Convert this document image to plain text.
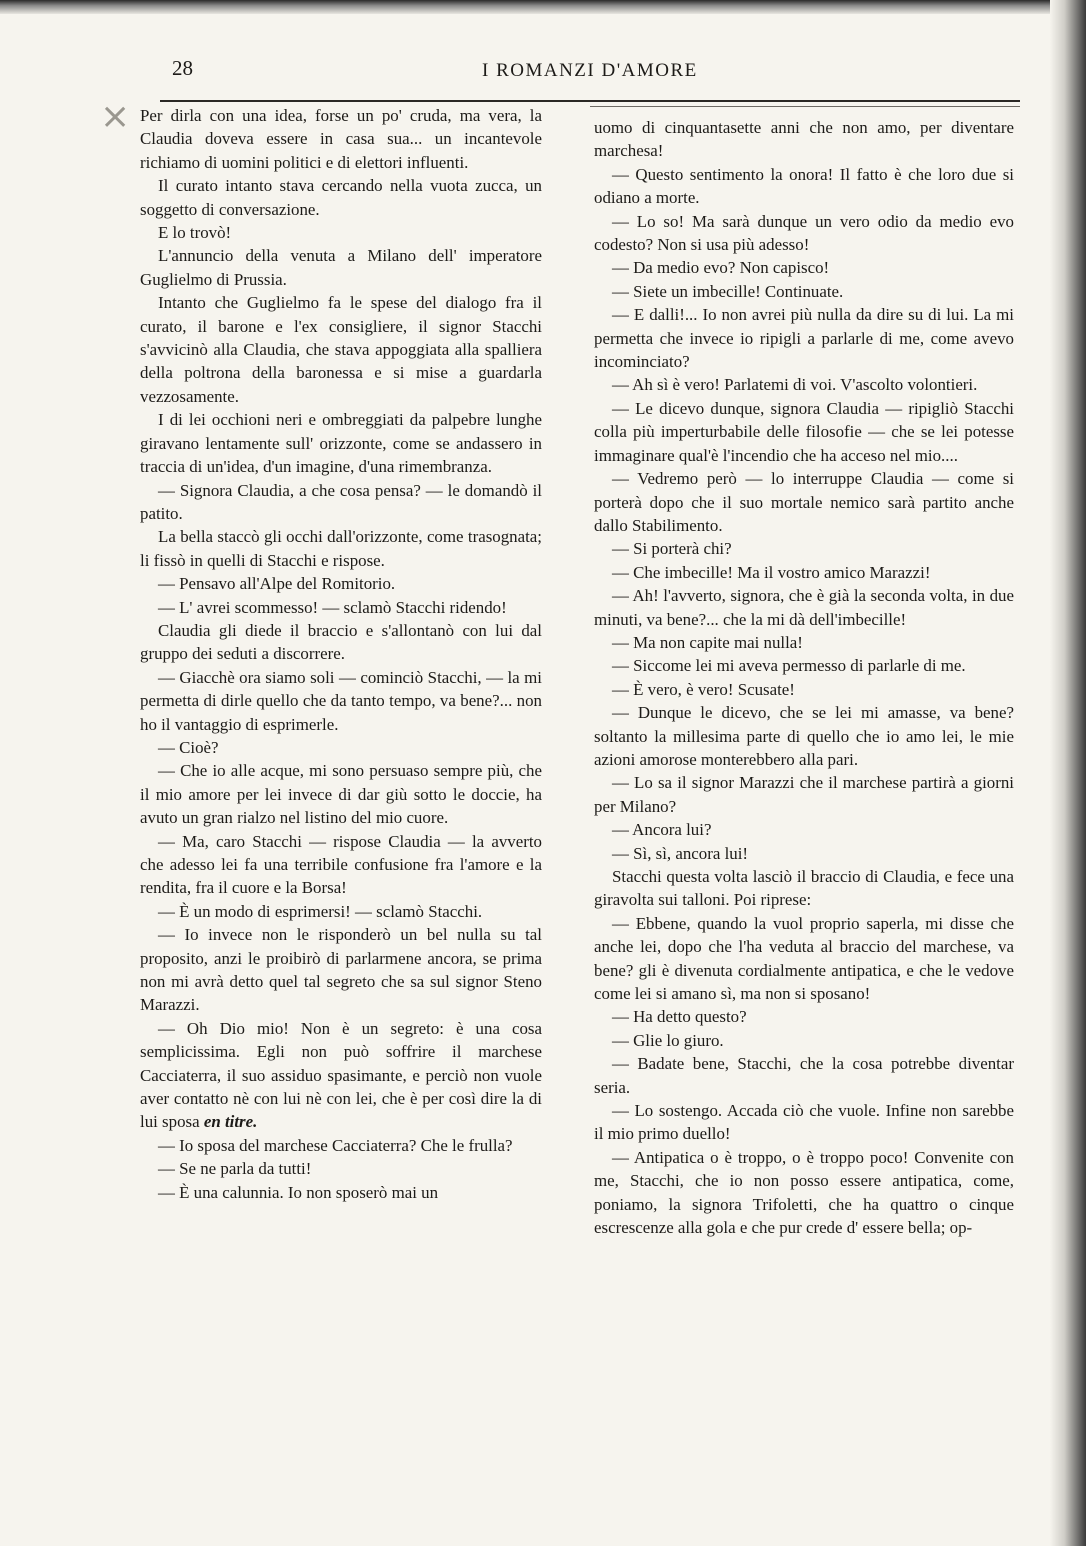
28	I ROMANZI D'AMORE
× Per dirla con una idea, forse un po' cruda, ma vera, la Claudia doveva essere in casa sua... un incantevole richiamo di uomini politici e di elettori influenti.

Il curato intanto stava cercando nella vuota zucca, un soggetto di conversazione.

E lo trovò!

L'annuncio della venuta a Milano dell' imperatore Guglielmo di Prussia.

Intanto che Guglielmo fa le spese del dialogo fra il curato, il barone e l'ex consigliere, il signor Stacchi s'avvicinò alla Claudia, che stava appoggiata alla spalliera della poltrona della baronessa e si mise a guardarla vezzosamente.

I di lei occhioni neri e ombreggiati da palpebre lunghe giravano lentamente sull' orizzonte, come se andassero in traccia di un'idea, d'un imagine, d'una rimembranza.

— Signora Claudia, a che cosa pensa? — le domandò il patito.

La bella staccò gli occhi dall'orizzonte, come trasognata; li fissò in quelli di Stacchi e rispose.

— Pensavo all'Alpe del Romitorio.

— L' avrei scommesso! — sclamò Stacchi ridendo!

Claudia gli diede il braccio e s'allontanò con lui dal gruppo dei seduti a discorrere.

— Giacchè ora siamo soli — cominciò Stacchi, — la mi permetta di dirle quello che da tanto tempo, va bene?... non ho il vantaggio di esprimerle.

— Cioè?

— Che io alle acque, mi sono persuaso sempre più, che il mio amore per lei invece di dar giù sotto le doccie, ha avuto un gran rialzo nel listino del mio cuore.

— Ma, caro Stacchi — rispose Claudia — la avverto che adesso lei fa una terribile confusione fra l'amore e la rendita, fra il cuore e la Borsa!

— È un modo di esprimersi! — sclamò Stacchi.

— Io invece non le risponderò un bel nulla su tal proposito, anzi le proibirò di parlarmene ancora, se prima non mi avrà detto quel tal segreto che sa sul signor Steno Marazzi.

— Oh Dio mio! Non è un segreto: è una cosa semplicissima. Egli non può soffrire il marchese Cacciaterra, il suo assiduo spasimante, e perciò non vuole aver contatto nè con lui nè con lei, che è per così dire la di lui sposa en titre.

— Io sposa del marchese Cacciaterra? Che le frulla?

— Se ne parla da tutti!

— È una calunnia. Io non sposerò mai un

uomo di cinquantasette anni che non amo, per diventare marchesa!

— Questo sentimento la onora! Il fatto è che loro due si odiano a morte.

— Lo so! Ma sarà dunque un vero odio da medio evo codesto? Non si usa più adesso!

— Da medio evo? Non capisco!

— Siete un imbecille! Continuate.

— E dalli!... Io non avrei più nulla da dire su di lui. La mi permetta che invece io ripigli a parlarle di me, come avevo incominciato?

— Ah sì è vero! Parlatemi di voi. V'ascolto volontieri.

— Le dicevo dunque, signora Claudia — ripigliò Stacchi colla più imperturbabile delle filosofie — che se lei potesse immaginare qual'è l'incendio che ha acceso nel mio....

— Vedremo però — lo interruppe Claudia — come si porterà dopo che il suo mortale nemico sarà partito anche dallo Stabilimento.

— Si porterà chi?

— Che imbecille! Ma il vostro amico Marazzi!

— Ah! l'avverto, signora, che è già la seconda volta, in due minuti, va bene?... che la mi dà dell'imbecille!

— Ma non capite mai nulla!

— Siccome lei mi aveva permesso di parlarle di me.

— È vero, è vero! Scusate!

— Dunque le dicevo, che se lei mi amasse, va bene? soltanto la millesima parte di quello che io amo lei, le mie azioni amorose monterebbero alla pari.

— Lo sa il signor Marazzi che il marchese partirà a giorni per Milano?

— Ancora lui?

— Sì, sì, ancora lui!

Stacchi questa volta lasciò il braccio di Claudia, e fece una giravolta sui talloni. Poi riprese:

— Ebbene, quando la vuol proprio saperla, mi disse che anche lei, dopo che l'ha veduta al braccio del marchese, va bene? gli è divenuta cordialmente antipatica, e che le vedove come lei si amano sì, ma non si sposano!

— Ha detto questo?

— Glie lo giuro.

— Badate bene, Stacchi, che la cosa potrebbe diventar seria.

— Lo sostengo. Accada ciò che vuole. Infine non sarebbe il mio primo duello!

— Antipatica o è troppo, o è troppo poco! Convenite con me, Stacchi, che io non posso essere antipatica, come, poniamo, la signora Trifoletti, che ha quattro o cinque escrescenze alla gola e che pur crede d' essere bella; op-
